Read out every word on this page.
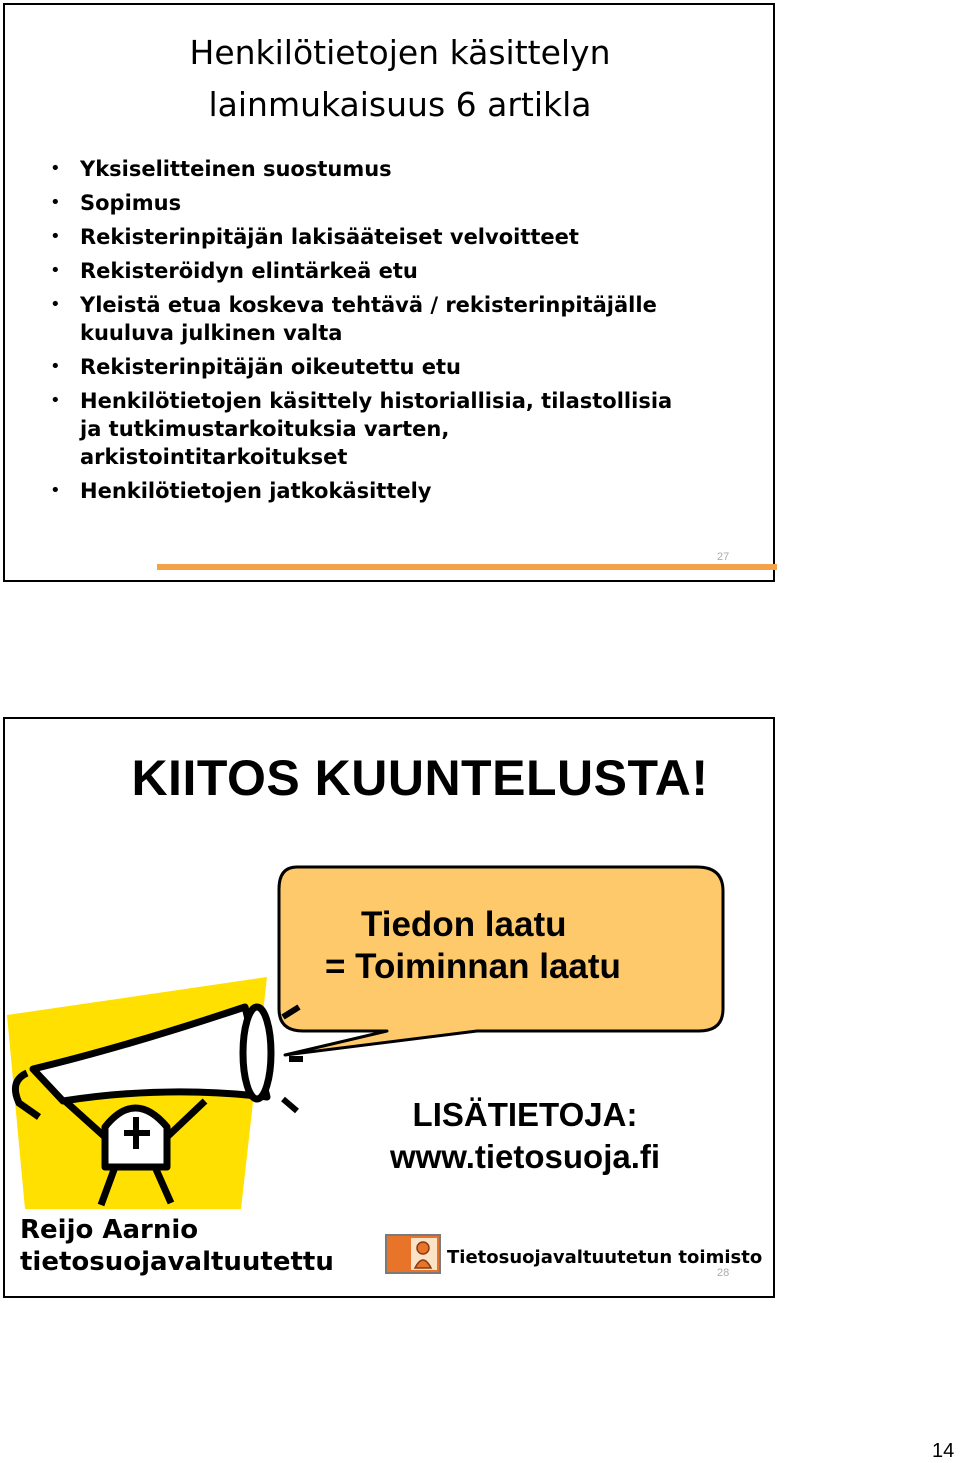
Henkilötietojen käsittelyn
lainmukaisuus 6 artikla
• Yksiselitteinen suostumus
• Sopimus
• Rekisterinpitäjän lakisääteiset velvoitteet
• Rekisteröidyn elintärkeä etu
• Yleistä etua koskeva tehtävä / rekisterinpitäjälle
kuuluva julkinen valta
• Rekisterinpitäjän oikeutettu etu
• Henkilötietojen käsittely historiallisia, tilastollisia
ja tutkimustarkoituksia varten,
arkistointitarkoitukset
• Henkilötietojen jatkokäsittely
27
KIITOS KUUNTELUSTA!
Tiedon laatu
= Toiminnan laatu
LISÄTIETOJA:
www.tietosuoja.fi
Reijo Aarnio
tietosuojavaltuutettu	Tietosuojavaltuutetun toimisto
28
14
